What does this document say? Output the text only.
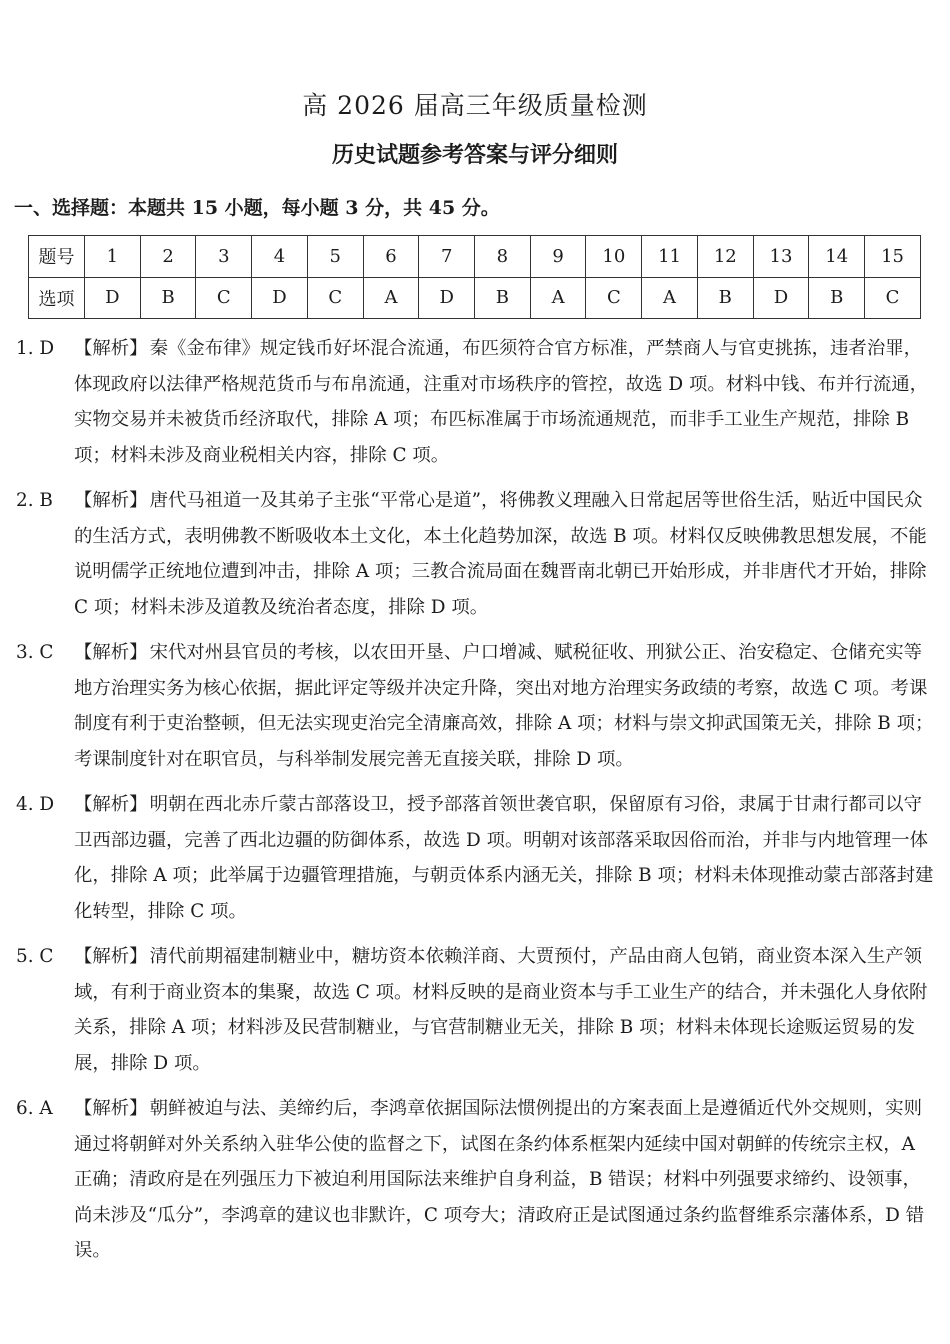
高 2026 届高三年级质量检测
历史试题参考答案与评分细则
一、选择题：本题共 15 小题，每小题 3 分，共 45 分。
题号	1	2	3	4	5	6	7	8	9	10	11	12	13	14	15
选项	D	B	C	D	C	A	D	B	A	C	A	B	D	B	C
1. D 【解析】 秦《金布律》规定钱币好坏混合流通，布匹须符合官方标准，严禁商人与官吏挑拣，违者治罪，体现政府以法律严格规范货币与布帛流通，注重对市场秩序的管控，故选 D 项。材料中钱、布并行流通，实物交易并未被货币经济取代，排除 A 项；布匹标准属于市场流通规范，而非手工业生产规范，排除 B 项；材料未涉及商业税相关内容，排除 C 项。
2. B 【解析】 唐代马祖道一及其弟子主张“平常心是道”，将佛教义理融入日常起居等世俗生活，贴近中国民众的生活方式，表明佛教不断吸收本土文化，本土化趋势加深，故选 B 项。材料仅反映佛教思想发展，不能说明儒学正统地位遭到冲击，排除 A 项；三教合流局面在魏晋南北朝已开始形成，并非唐代才开始，排除 C 项；材料未涉及道教及统治者态度，排除 D 项。
3. C 【解析】 宋代对州县官员的考核，以农田开垦、户口增减、赋税征收、刑狱公正、治安稳定、仓储充实等地方治理实务为核心依据，据此评定等级并决定升降，突出对地方治理实务政绩的考察，故选 C 项。考课制度有利于吏治整顿，但无法实现吏治完全清廉高效，排除 A 项；材料与崇文抑武国策无关，排除 B 项；考课制度针对在职官员，与科举制发展完善无直接关联，排除 D 项。
4. D 【解析】 明朝在西北赤斤蒙古部落设卫，授予部落首领世袭官职，保留原有习俗，隶属于甘肃行都司以守卫西部边疆，完善了西北边疆的防御体系，故选 D 项。明朝对该部落采取因俗而治，并非与内地管理一体化，排除 A 项；此举属于边疆管理措施，与朝贡体系内涵无关，排除 B 项；材料未体现推动蒙古部落封建化转型，排除 C 项。
5. C 【解析】 清代前期福建制糖业中，糖坊资本依赖洋商、大贾预付，产品由商人包销，商业资本深入生产领域，有利于商业资本的集聚，故选 C 项。材料反映的是商业资本与手工业生产的结合，并未强化人身依附关系，排除 A 项；材料涉及民营制糖业，与官营制糖业无关，排除 B 项；材料未体现长途贩运贸易的发展，排除 D 项。
6. A 【解析】 朝鲜被迫与法、美缔约后，李鸿章依据国际法惯例提出的方案表面上是遵循近代外交规则，实则通过将朝鲜对外关系纳入驻华公使的监督之下，试图在条约体系框架内延续中国对朝鲜的传统宗主权，A 正确；清政府是在列强压力下被迫利用国际法来维护自身利益，B 错误；材料中列强要求缔约、设领事，尚未涉及“瓜分”，李鸿章的建议也非默许，C 项夸大；清政府正是试图通过条约监督维系宗藩体系，D 错误。
